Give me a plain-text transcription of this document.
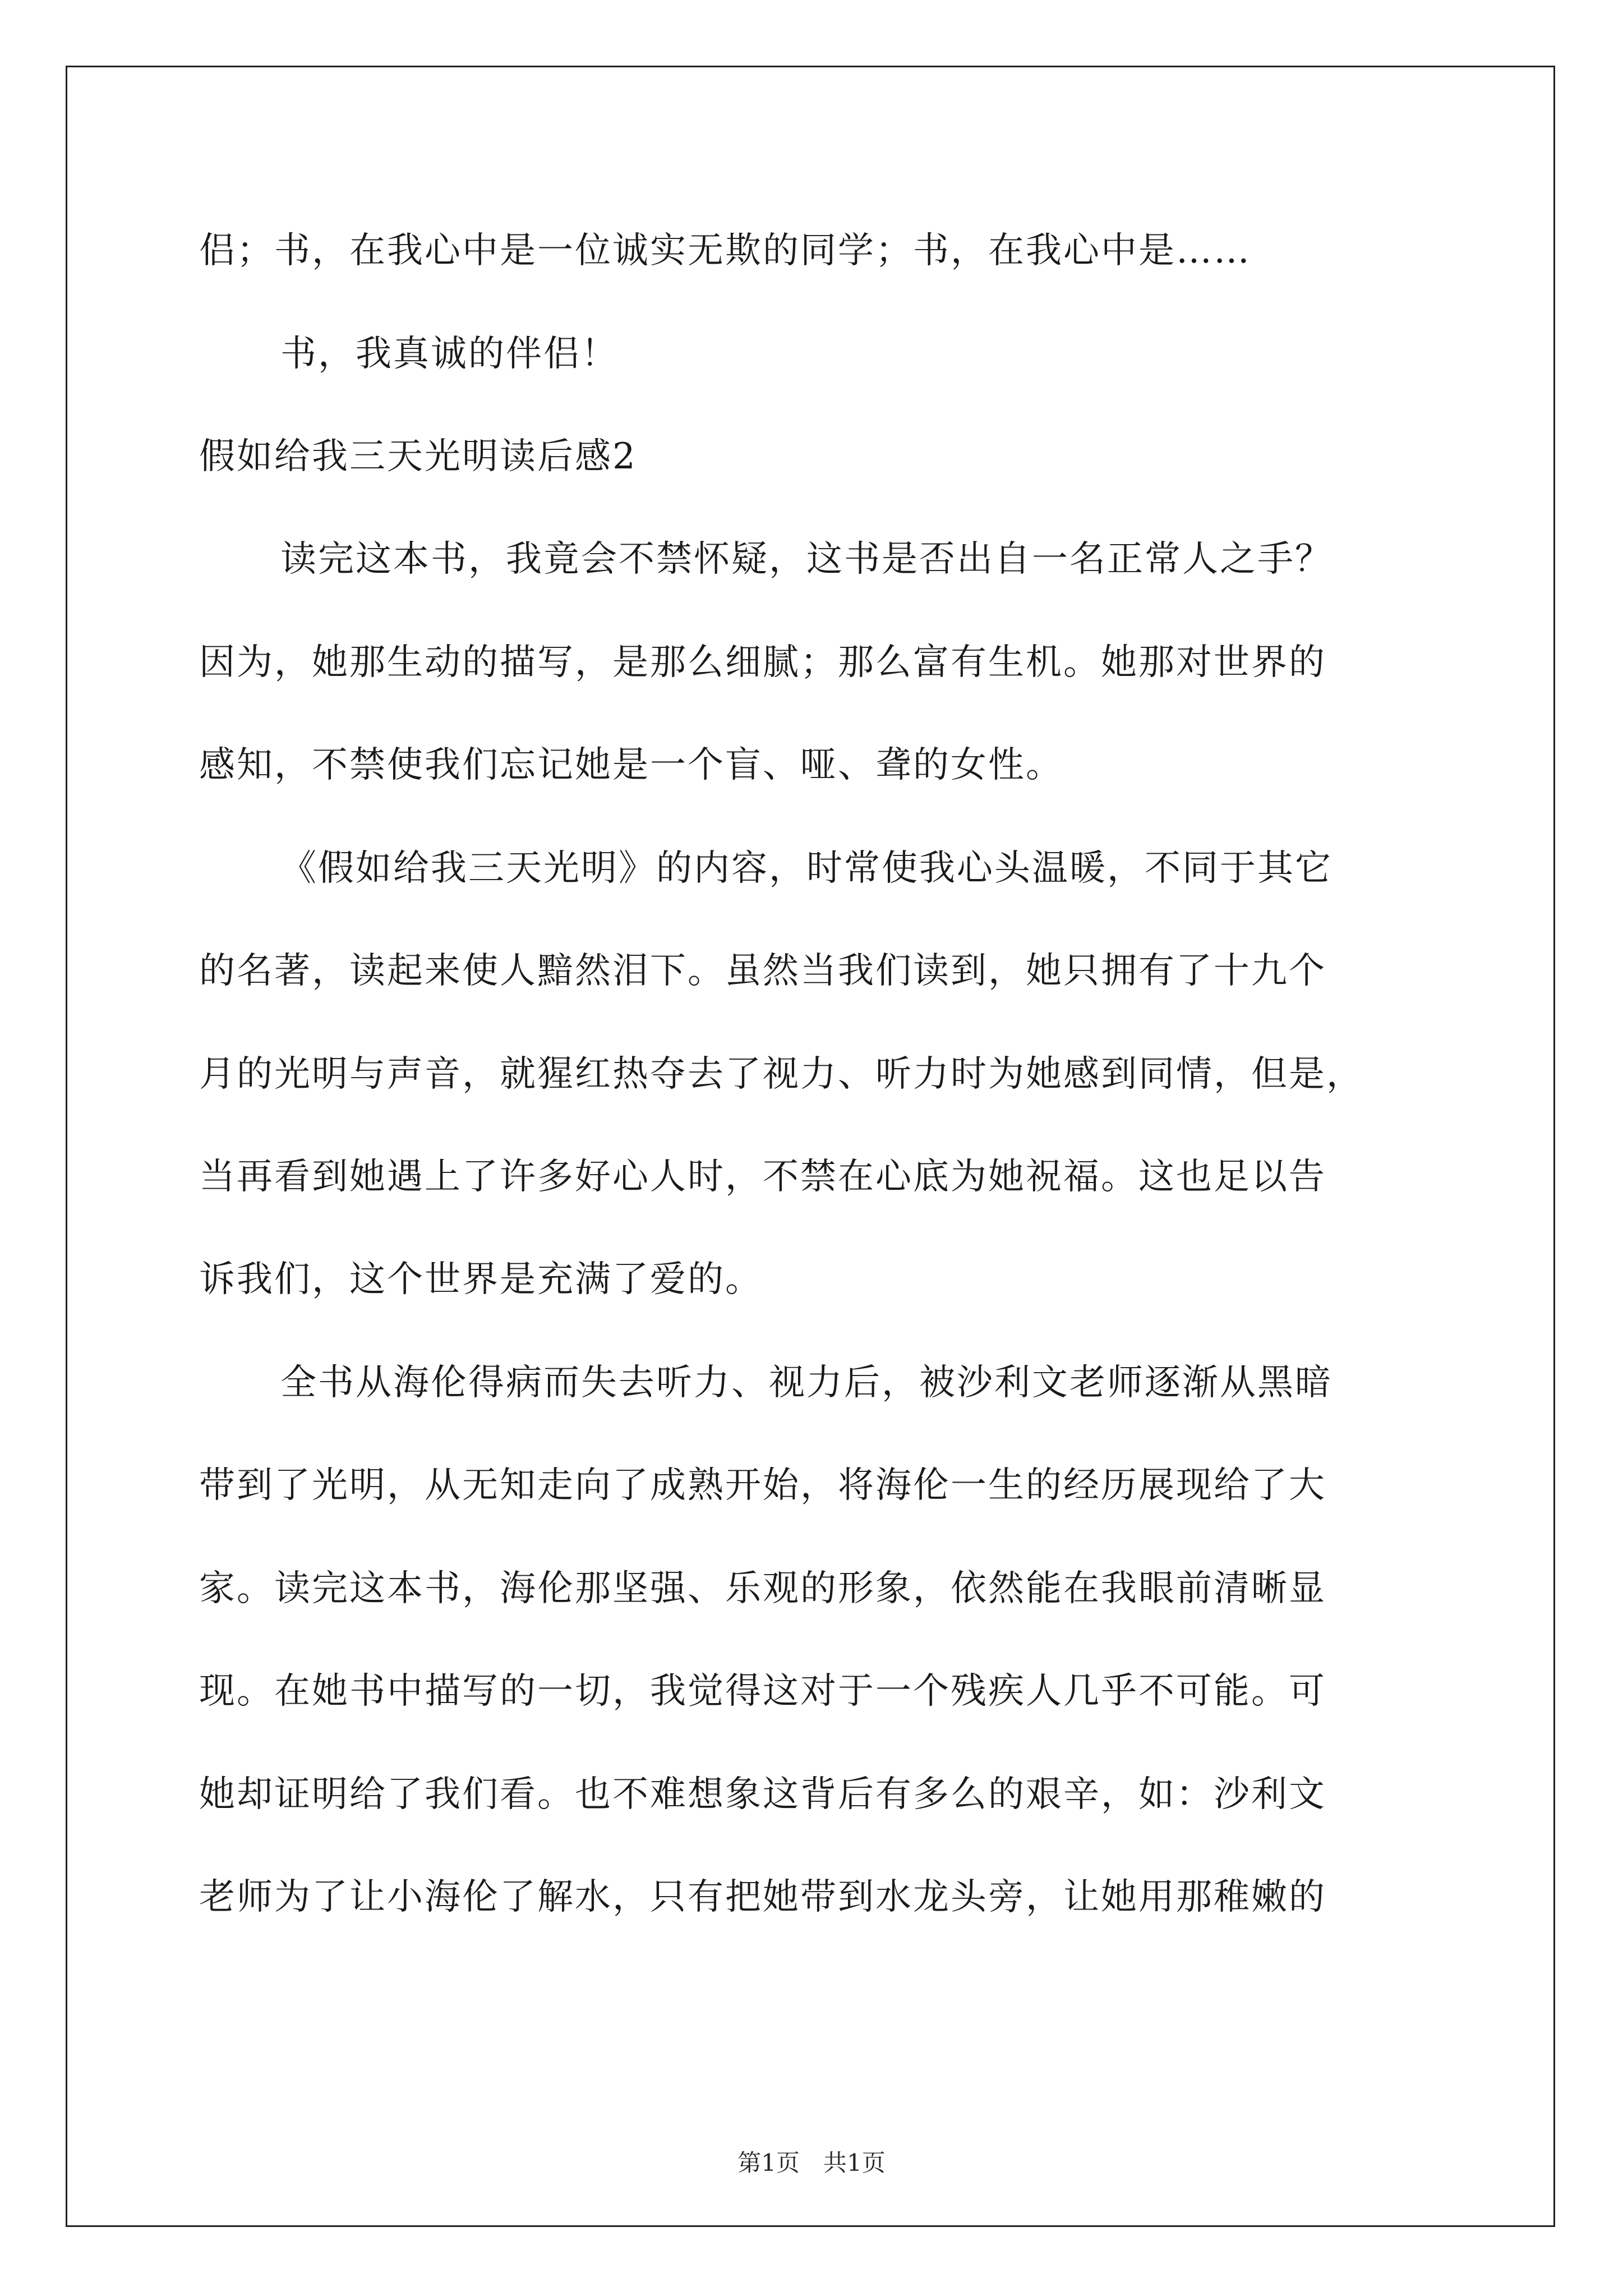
侣；书，在我心中是一位诚实无欺的同学；书，在我心中是……

书，我真诚的伴侣！

假如给我三天光明读后感2

读完这本书，我竟会不禁怀疑，这书是否出自一名正常人之手？

因为，她那生动的描写，是那么细腻；那么富有生机。她那对世界的

感知，不禁使我们忘记她是一个盲、哑、聋的女性。

《假如给我三天光明》的内容，时常使我心头温暖，不同于其它

的名著，读起来使人黯然泪下。虽然当我们读到，她只拥有了十九个

月的光明与声音，就猩红热夺去了视力、听力时为她感到同情，但是，

当再看到她遇上了许多好心人时，不禁在心底为她祝福。这也足以告

诉我们，这个世界是充满了爱的。

全书从海伦得病而失去听力、视力后，被沙利文老师逐渐从黑暗

带到了光明，从无知走向了成熟开始，将海伦一生的经历展现给了大

家。读完这本书，海伦那坚强、乐观的形象，依然能在我眼前清晰显

现。在她书中描写的一切，我觉得这对于一个残疾人几乎不可能。可

她却证明给了我们看。也不难想象这背后有多么的艰辛，如：沙利文

老师为了让小海伦了解水，只有把她带到水龙头旁，让她用那稚嫩的

第1页　共1页
